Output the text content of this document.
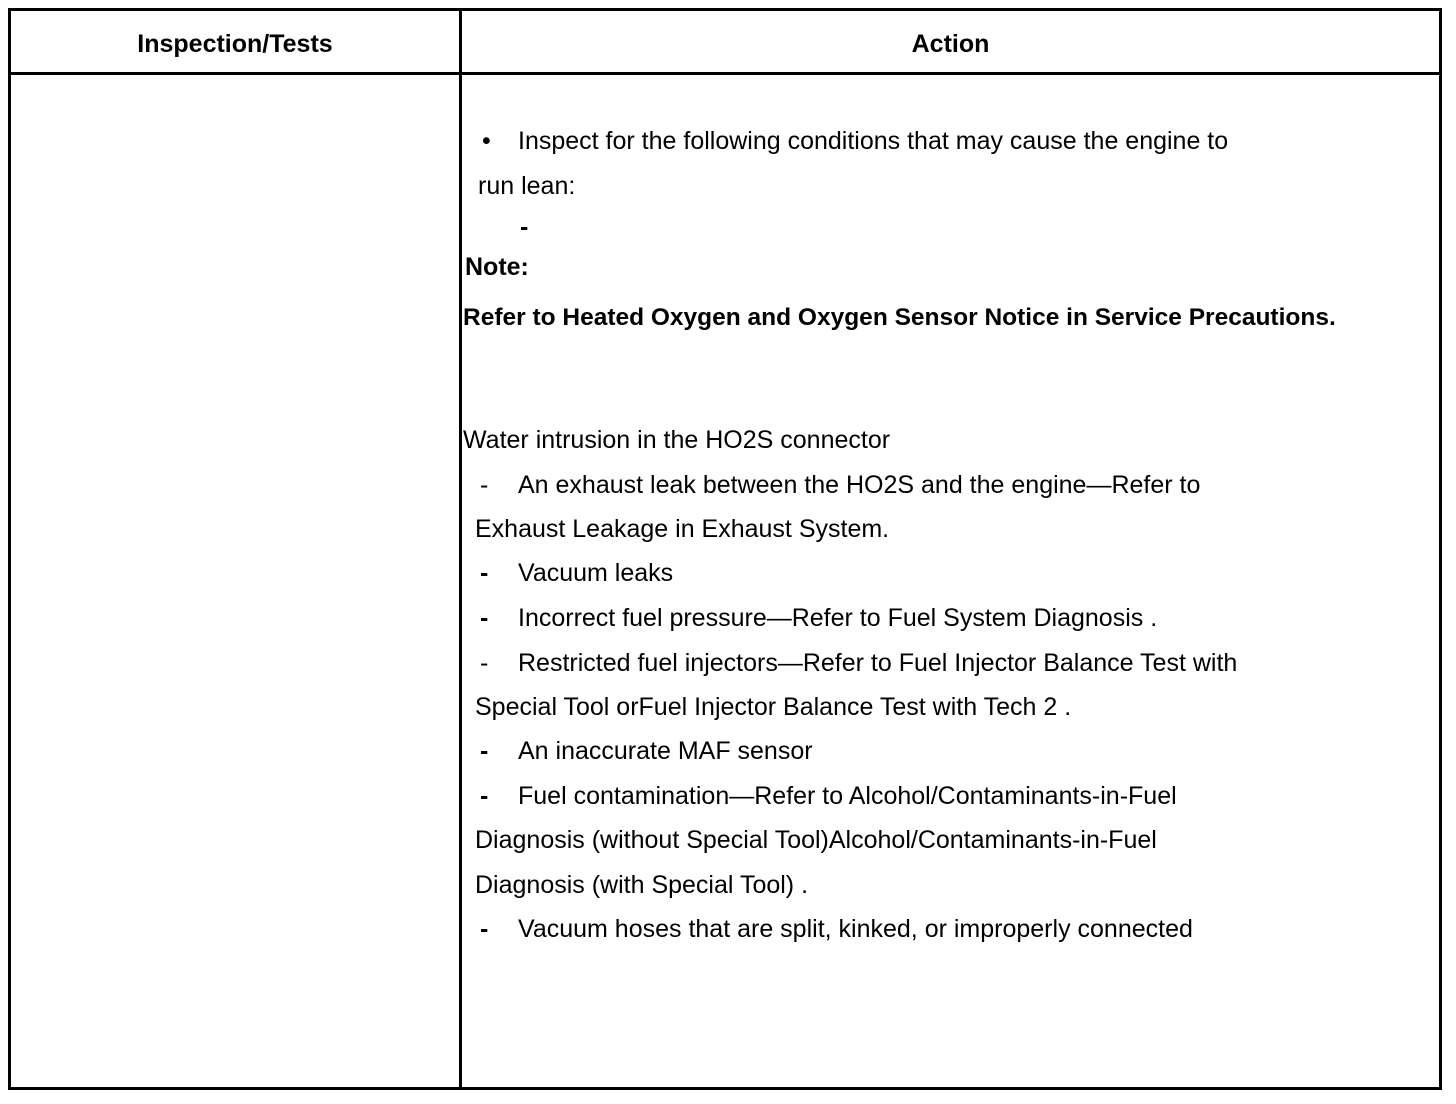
Inspection/Tests	Action
• Inspect for the following conditions that may cause the engine to
run lean:
-
Note:
Refer to Heated Oxygen and Oxygen Sensor Notice in Service Precautions.
Water intrusion in the HO2S connector
- An exhaust leak between the HO2S and the engine—Refer to
Exhaust Leakage in Exhaust System.
- Vacuum leaks
- Incorrect fuel pressure—Refer to Fuel System Diagnosis .
- Restricted fuel injectors—Refer to Fuel Injector Balance Test with
Special Tool orFuel Injector Balance Test with Tech 2 .
- An inaccurate MAF sensor
- Fuel contamination—Refer to Alcohol/Contaminants-in-Fuel
Diagnosis (without Special Tool)Alcohol/Contaminants-in-Fuel
Diagnosis (with Special Tool) .
- Vacuum hoses that are split, kinked, or improperly connected
